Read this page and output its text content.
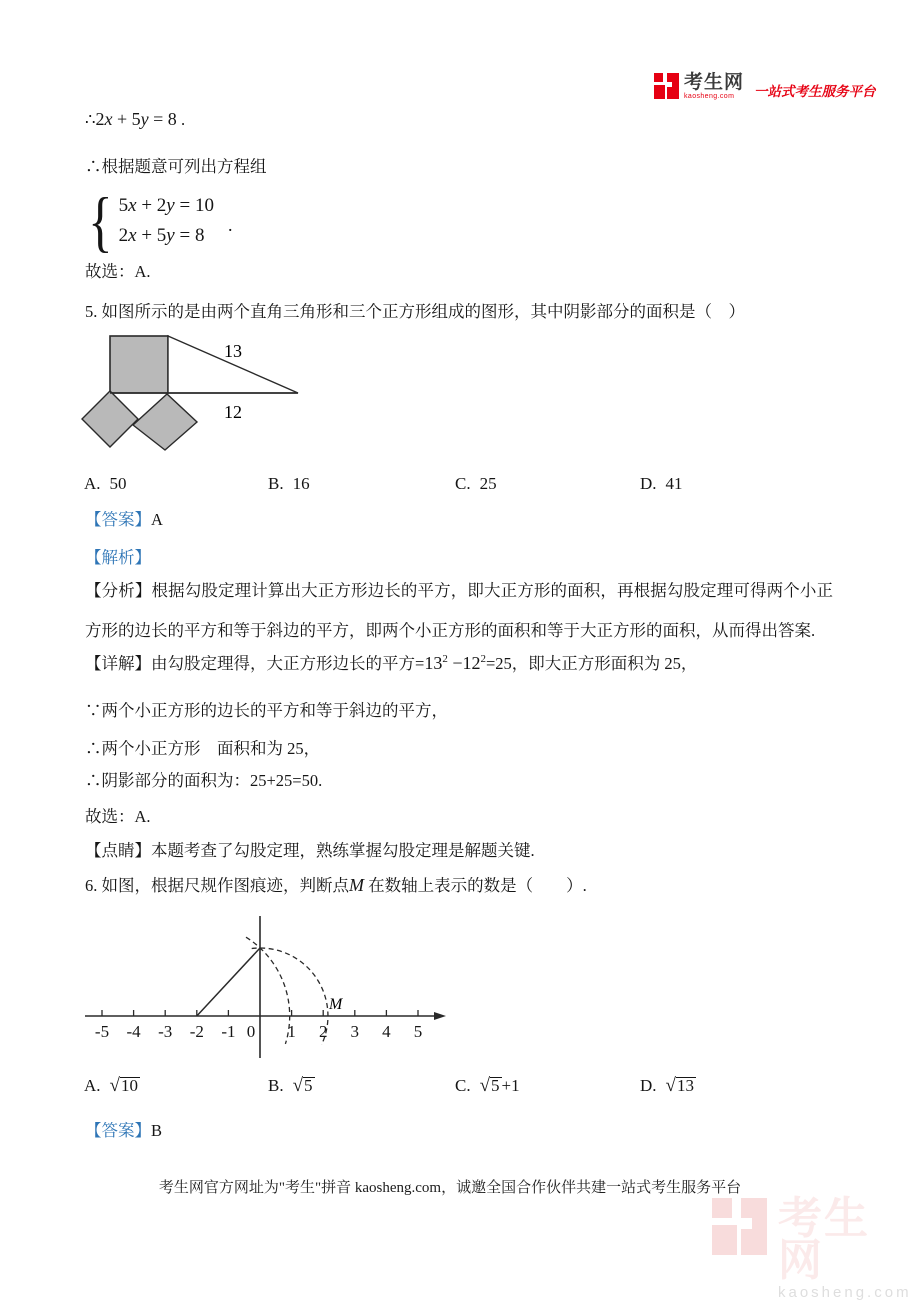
考生网
kaosheng.com	一站式考生服务平台
∴2x + 5y = 8 .
∴根据题意可列出方程组
{ 5x + 2y = 10
2x + 5y = 8
.
故选：A.
5. 如图所示的是由两个直角三角形和三个正方形组成的图形，其中阴影部分的面积是（　）
13
12
A. 50	B. 16	C. 25	D. 41
【答案】A
【解析】
【分析】根据勾股定理计算出大正方形边长的平方，即大正方形的面积，再根据勾股定理可得两个小正方形的边长的平方和等于斜边的平方，即两个小正方形的面积和等于大正方形的面积，从而得出答案.
【详解】由勾股定理得，大正方形边长的平方$=13^2 -12^2=25$，即大正方形面积为 25，
∵两个小正方形的边长的平方和等于斜边的平方，
∴两个小正方形　面积和为 25，
∴阴影部分的面积为：25+25=50.
故选：A.
【点睛】本题考查了勾股定理，熟练掌握勾股定理是解题关键.
6. 如图，根据尺规作图痕迹，判断点M 在数轴上表示的数是（　　）.
-5 -4 -3 -2 -1 0 1 2 3 4 5
M
A. √10	B. √5	C. √5 +1	D. √13
【答案】B
考生网官方网址为"考生"拼音 kaosheng.com，诚邀全国合作伙伴共建一站式考生服务平台
考生网
kaosheng.com
